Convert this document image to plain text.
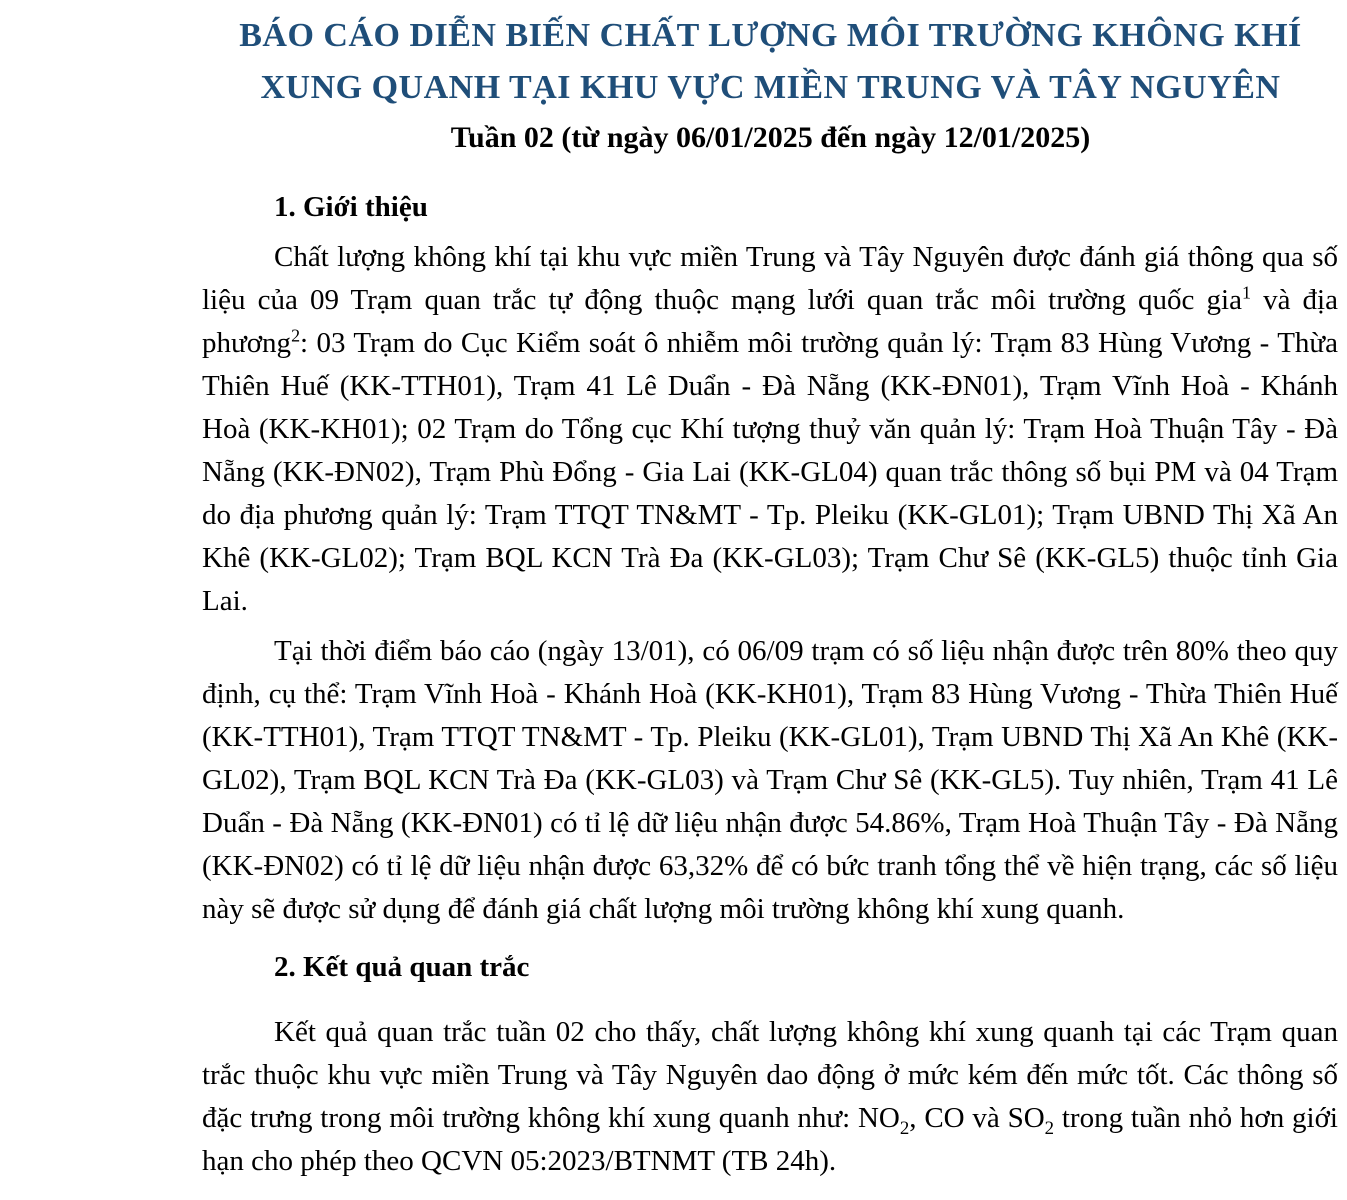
BÁO CÁO DIỄN BIẾN CHẤT LƯỢNG MÔI TRƯỜNG KHÔNG KHÍ
XUNG QUANH TẠI KHU VỰC MIỀN TRUNG VÀ TÂY NGUYÊN
Tuần 02 (từ ngày 06/01/2025 đến ngày 12/01/2025)

1. Giới thiệu

Chất lượng không khí tại khu vực miền Trung và Tây Nguyên được đánh giá thông qua số liệu của 09 Trạm quan trắc tự động thuộc mạng lưới quan trắc môi trường quốc gia$^1$ và địa phương$^2$: 03 Trạm do Cục Kiểm soát ô nhiễm môi trường quản lý: Trạm 83 Hùng Vương - Thừa Thiên Huế (KK-TTH01), Trạm 41 Lê Duẩn - Đà Nẵng (KK-ĐN01), Trạm Vĩnh Hoà - Khánh Hoà (KK-KH01); 02 Trạm do Tổng cục Khí tượng thuỷ văn quản lý: Trạm Hoà Thuận Tây - Đà Nẵng (KK-ĐN02), Trạm Phù Đổng - Gia Lai (KK-GL04) quan trắc thông số bụi PM và 04 Trạm do địa phương quản lý: Trạm TTQT TN&MT - Tp. Pleiku (KK-GL01); Trạm UBND Thị Xã An Khê (KK-GL02); Trạm BQL KCN Trà Đa (KK-GL03); Trạm Chư Sê (KK-GL5) thuộc tỉnh Gia Lai.

Tại thời điểm báo cáo (ngày 13/01), có 06/09 trạm có số liệu nhận được trên 80% theo quy định, cụ thể: Trạm Vĩnh Hoà - Khánh Hoà (KK-KH01), Trạm 83 Hùng Vương - Thừa Thiên Huế (KK-TTH01), Trạm TTQT TN&MT - Tp. Pleiku (KK-GL01), Trạm UBND Thị Xã An Khê (KK-GL02), Trạm BQL KCN Trà Đa (KK-GL03) và Trạm Chư Sê (KK-GL5). Tuy nhiên, Trạm 41 Lê Duẩn - Đà Nẵng (KK-ĐN01) có tỉ lệ dữ liệu nhận được 54.86%, Trạm Hoà Thuận Tây - Đà Nẵng (KK-ĐN02) có tỉ lệ dữ liệu nhận được 63,32% để có bức tranh tổng thể về hiện trạng, các số liệu này sẽ được sử dụng để đánh giá chất lượng môi trường không khí xung quanh.

2. Kết quả quan trắc

Kết quả quan trắc tuần 02 cho thấy, chất lượng không khí xung quanh tại các Trạm quan trắc thuộc khu vực miền Trung và Tây Nguyên dao động ở mức kém đến mức tốt. Các thông số đặc trưng trong môi trường không khí xung quanh như: $NO_2$, CO và $SO_2$ trong tuần nhỏ hơn giới hạn cho phép theo QCVN 05:2023/BTNMT (TB 24h).
